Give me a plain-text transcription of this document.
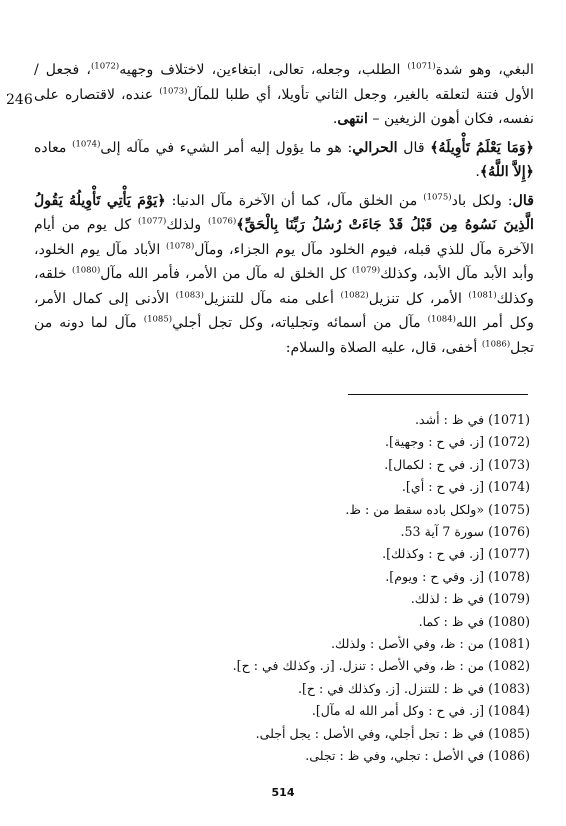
246

البغي، وهو شدة$^{(1071)}$ الطلب، وجعله، تعالى، ابتغاءين، لاختلاف وجهيه$^{(1072)}$، فجعل / الأول فتنة لتعلقه بالغير، وجعل الثاني تأويلا، أي طلبا للمآل$^{(1073)}$ عنده، لاقتصاره على نفسه، فكان أهون الزيغين – انتهى.

﴿وَمَا يَعْلَمُ تَأْوِيلَهُ﴾ قال الحرالي: هو ما يؤول إليه أمر الشيء في مآله إلى$^{(1074)}$ معاده ﴿إِلاَّ اللَّهُ﴾.

قال: ولكل باد$^{(1075)}$ من الخلق مآل، كما أن الآخرة مآل الدنيا: ﴿يَوْمَ يَأْتِي تَأْوِيلُهُ يَقُولُ الَّذِينَ نَسُوهُ مِن قَبْلُ قَدْ جَاءَتْ رُسُلُ رَبِّنَا بِالْحَقِّ﴾$^{(1076)}$ ولذلك$^{(1077)}$ كل يوم من أيام الآخرة مآل للذي قبله، فيوم الخلود مآل يوم الجزاء، ومآل$^{(1078)}$ الأباد مآل يوم الخلود، وأبد الأبد مآل الأبد، وكذلك$^{(1079)}$ كل الخلق له مآل من الأمر، فأمر الله مآل$^{(1080)}$ خلقه، وكذلك$^{(1081)}$ الأمر، كل تنزيل$^{(1082)}$ أعلى منه مآل للتنزيل$^{(1083)}$ الأدنى إلى كمال الأمر، وكل أمر الله$^{(1084)}$ مآل من أسمائه وتجلياته، وكل تجل أجلي$^{(1085)}$ مآل لما دونه من تجل$^{(1086)}$ أخفى، قال، عليه الصلاة والسلام:

(1071) في ظ : أشد.
(1072) [ز. في ح : وجهية].
(1073) [ز. في ح : لكمال].
(1074) [ز. في ح : أي].
(1075) «ولكل باده سقط من : ظ.
(1076) سورة 7 آية 53.
(1077) [ز. في ح : وكذلك].
(1078) [ز. وفي ح : ويوم].
(1079) في ظ : لذلك.
(1080) في ظ : كما.
(1081) من : ظ، وفي الأصل : ولذلك.
(1082) من : ظ، وفي الأصل : تنزل. [ز. وكذلك في : ح].
(1083) في ظ : للتنزل. [ز. وكذلك في : ح].
(1084) [ز. في ح : وكل أمر الله له مآل].
(1085) في ظ : تجل أجلي، وفي الأصل : يجل أجلى.
(1086) في الأصل : تجلي، وفي ظ : تجلى.
514
